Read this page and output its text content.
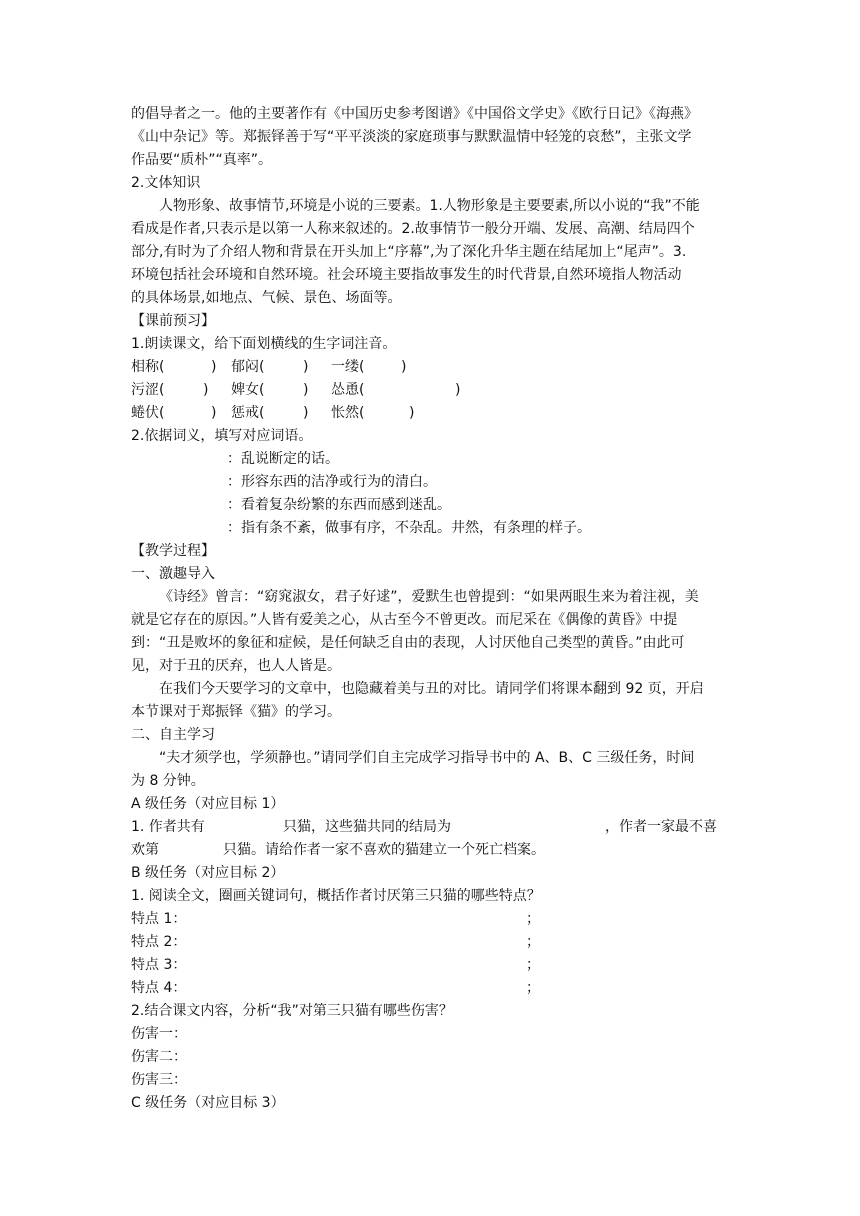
的倡导者之一。他的主要著作有《中国历史参考图谱》《中国俗文学史》《欧行日记》《海燕》
《山中杂记》等。郑振铎善于写“平平淡淡的家庭琐事与默默温情中轻笼的哀愁”，主张文学
作品要“质朴”“真率”。
2.文体知识
人物形象、故事情节,环境是小说的三要素。1.人物形象是主要要素,所以小说的“我”不能
看成是作者,只表示是以第一人称来叙述的。2.故事情节一般分开端、发展、高潮、结局四个
部分,有时为了介绍人物和背景在开头加上“序幕”,为了深化升华主题在结尾加上“尾声”。3.
环境包括社会环境和自然环境。社会环境主要指故事发生的时代背景,自然环境指人物活动
的具体场景,如地点、气候、景色、场面等。
【课前预习】
1.朗读课文，给下面划横线的生字词注音。
相称(	) 郁闷(	) 一缕(	)
污涩(	) 婢女(	) 怂恿(	)
蜷伏(	) 惩戒(	) 怅然(	)
2.依据词义，填写对应词语。
：乱说断定的话。
：形容东西的洁净或行为的清白。
：看着复杂纷繁的东西而感到迷乱。
：指有条不紊，做事有序，不杂乱。井然，有条理的样子。
【教学过程】
一、激趣导入
《诗经》曾言：“窈窕淑女，君子好逑”，爱默生也曾提到：“如果两眼生来为着注视，美
就是它存在的原因。”人皆有爱美之心，从古至今不曾更改。而尼采在《偶像的黄昏》中提
到：“丑是败坏的象征和症候，是任何缺乏自由的表现，人讨厌他自己类型的黄昏。”由此可
见，对于丑的厌弃，也人人皆是。
在我们今天要学习的文章中，也隐藏着美与丑的对比。请同学们将课本翻到 92 页，开启
本节课对于郑振铎《猫》的学习。
二、自主学习
“夫才须学也，学须静也。”请同学们自主完成学习指导书中的 A、B、C 三级任务，时间
为 8 分钟。
A 级任务（对应目标 1）
1. 作者共有	只猫，这些猫共同的结局为	，作者一家最不喜
欢第	只猫。请给作者一家不喜欢的猫建立一个死亡档案。
B 级任务（对应目标 2）
1. 阅读全文，圈画关键词句，概括作者讨厌第三只猫的哪些特点？
特点 1：	；
特点 2：	；
特点 3：	；
特点 4：	；
2.结合课文内容，分析“我”对第三只猫有哪些伤害？
伤害一：
伤害二：
伤害三：
C 级任务（对应目标 3）
